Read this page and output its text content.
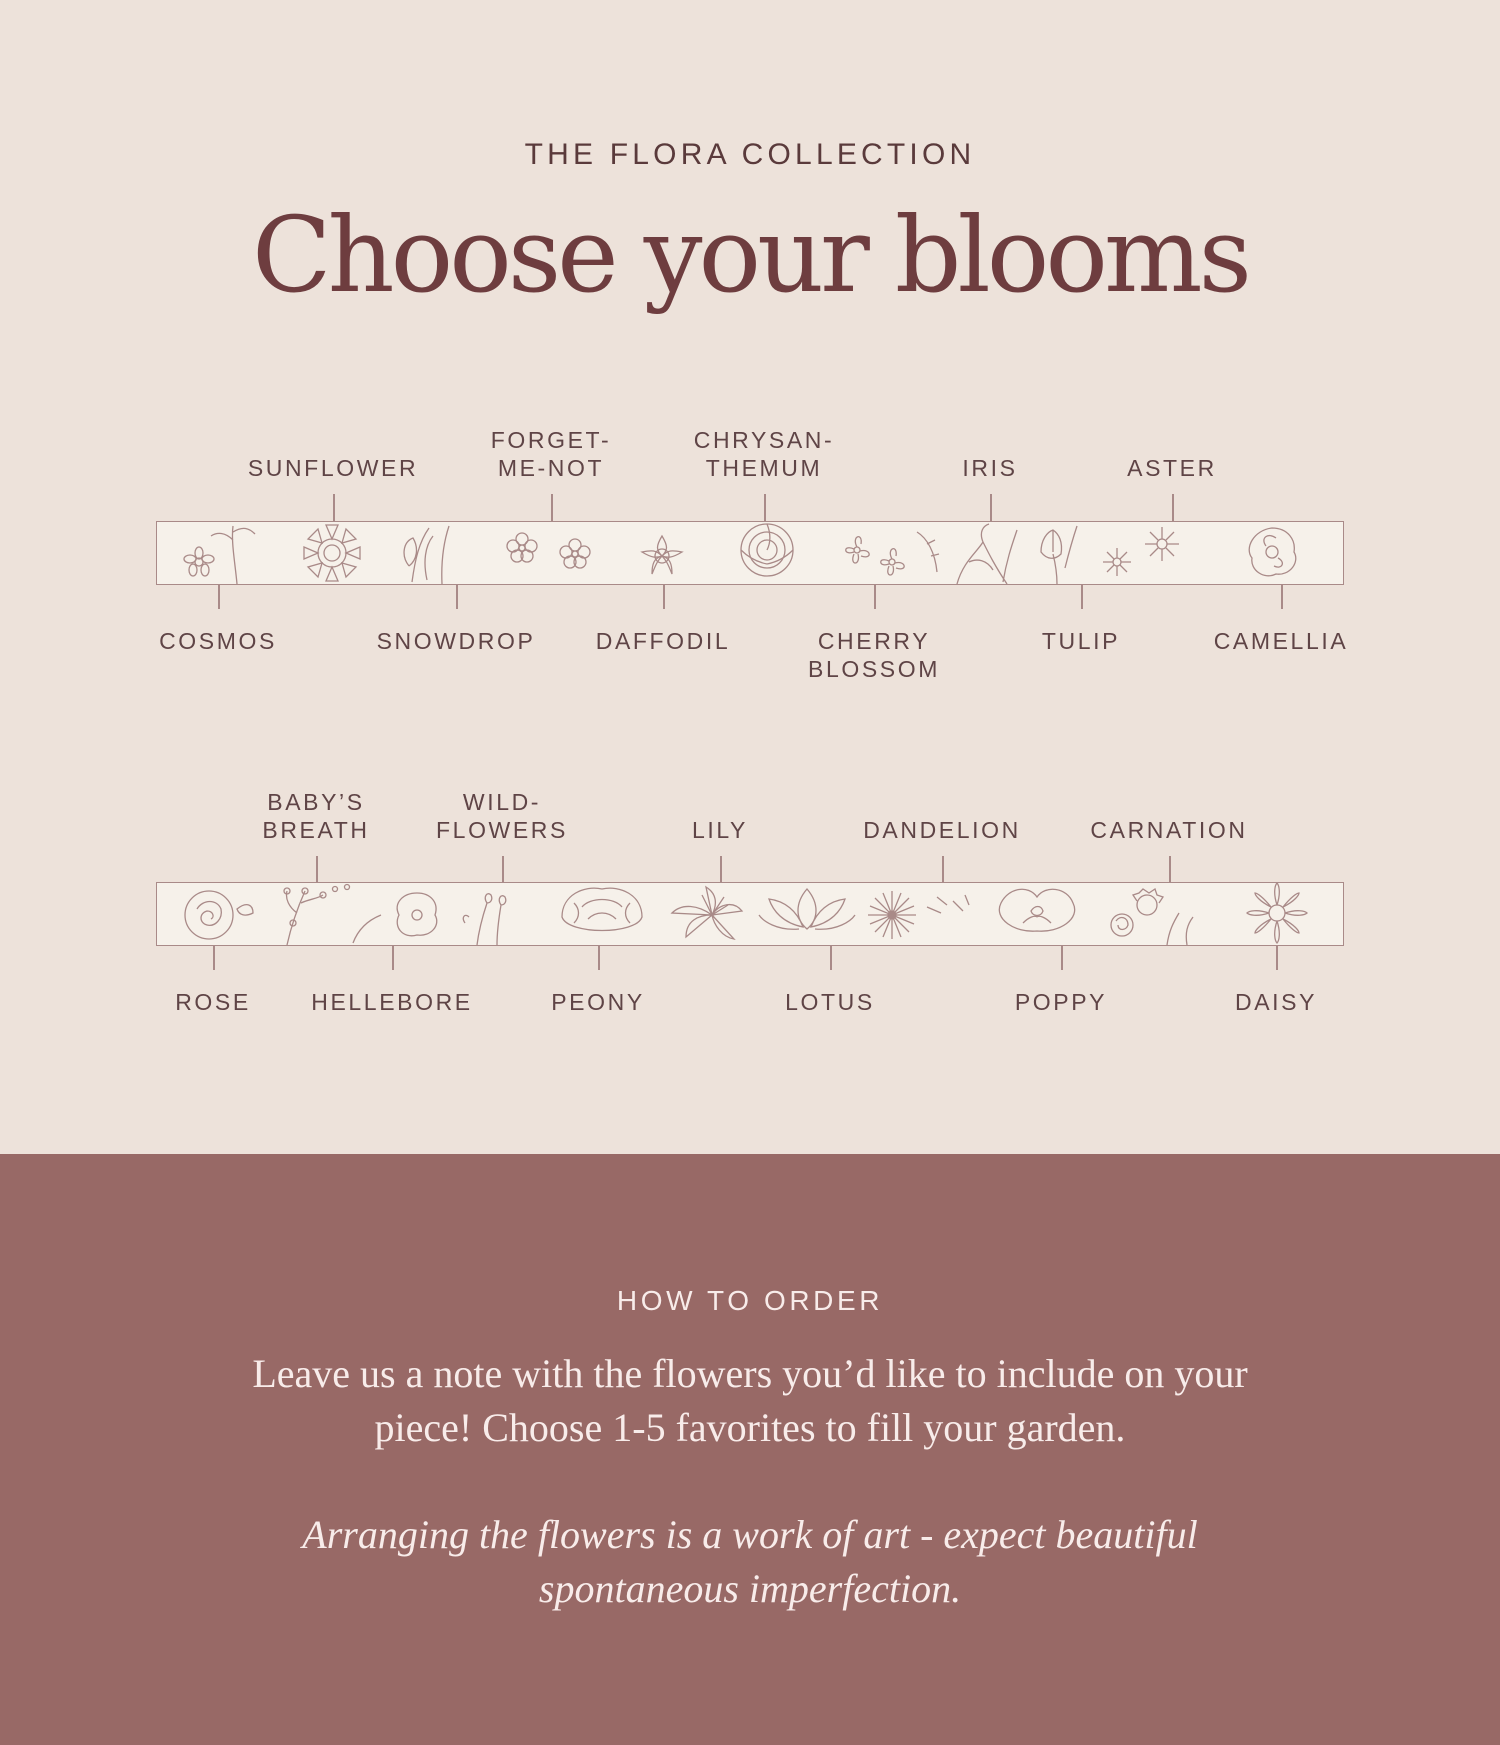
THE FLORA COLLECTION
Choose your blooms
SUNFLOWER
FORGET-
ME-NOT
CHRYSAN-
THEMUM	IRIS	ASTER
COSMOS	SNOWDROP	DAFFODIL	CHERRY
BLOSSOM
TULIP	CAMELLIA
BABY’S
BREATH
WILD-
FLOWERS	LILY	DANDELION	CARNATION
ROSE	HELLEBORE	PEONY	LOTUS	POPPY	DAISY
HOW TO ORDER
Leave us a note with the flowers you’d like to include on your piece! Choose 1-5 favorites to fill your garden.
Arranging the flowers is a work of art - expect beautiful spontaneous imperfection.
